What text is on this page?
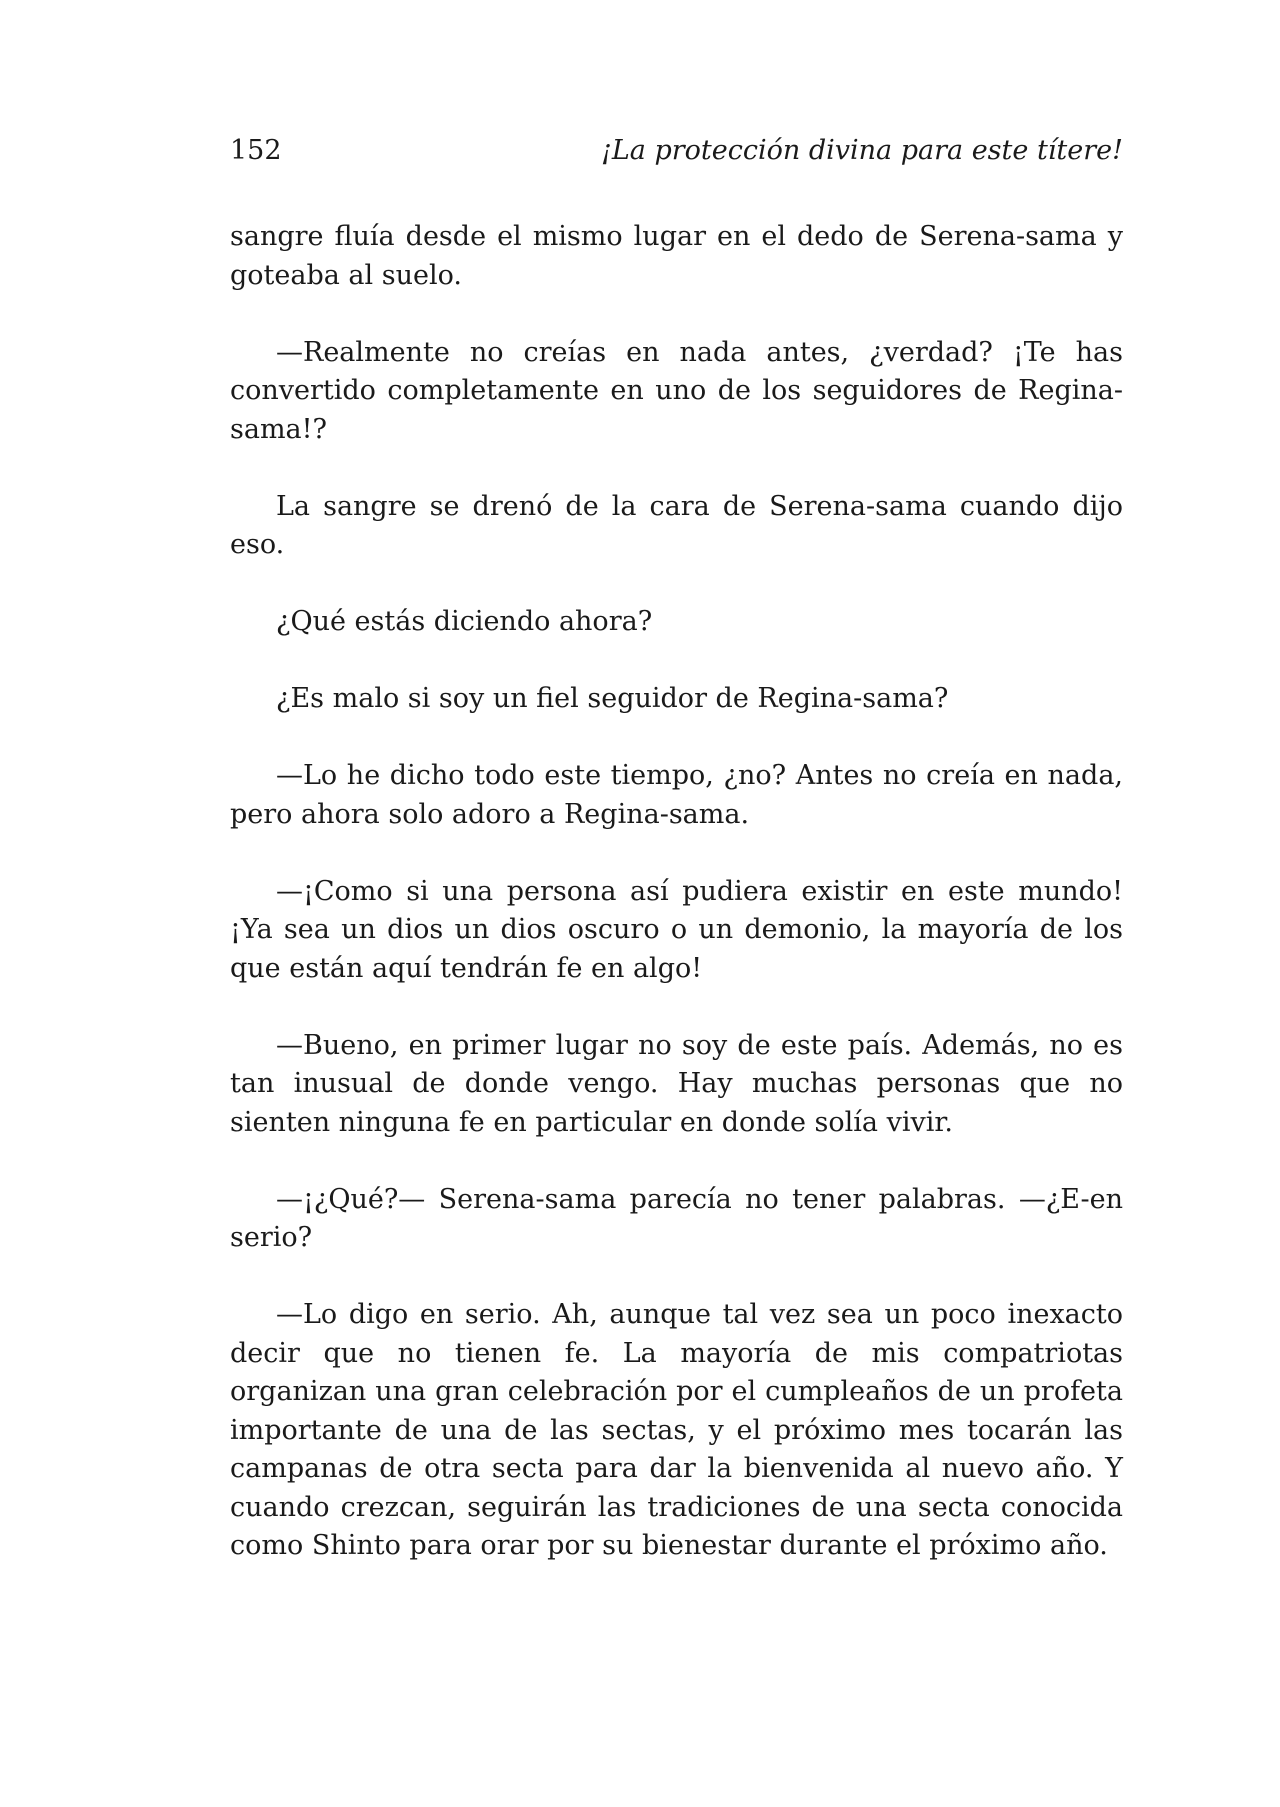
152	¡La protección divina para este títere!

sangre fluía desde el mismo lugar en el dedo de Serena-sama y goteaba al suelo.

—Realmente no creías en nada antes, ¿verdad? ¡Te has convertido completamente en uno de los seguidores de Regina-sama!?

La sangre se drenó de la cara de Serena-sama cuando dijo eso.

¿Qué estás diciendo ahora?

¿Es malo si soy un fiel seguidor de Regina-sama?

—Lo he dicho todo este tiempo, ¿no? Antes no creía en nada, pero ahora solo adoro a Regina-sama.

—¡Como si una persona así pudiera existir en este mundo! ¡Ya sea un dios un dios oscuro o un demonio, la mayoría de los que están aquí tendrán fe en algo!

—Bueno, en primer lugar no soy de este país. Además, no es tan inusual de donde vengo. Hay muchas personas que no sienten ninguna fe en particular en donde solía vivir.

—¡¿Qué?— Serena-sama parecía no tener palabras. —¿E-en serio?

—Lo digo en serio. Ah, aunque tal vez sea un poco inexacto decir que no tienen fe. La mayoría de mis compatriotas organizan una gran celebración por el cumpleaños de un profeta importante de una de las sectas, y el próximo mes tocarán las campanas de otra secta para dar la bienvenida al nuevo año. Y cuando crezcan, seguirán las tradiciones de una secta conocida como Shinto para orar por su bienestar durante el próximo año.
